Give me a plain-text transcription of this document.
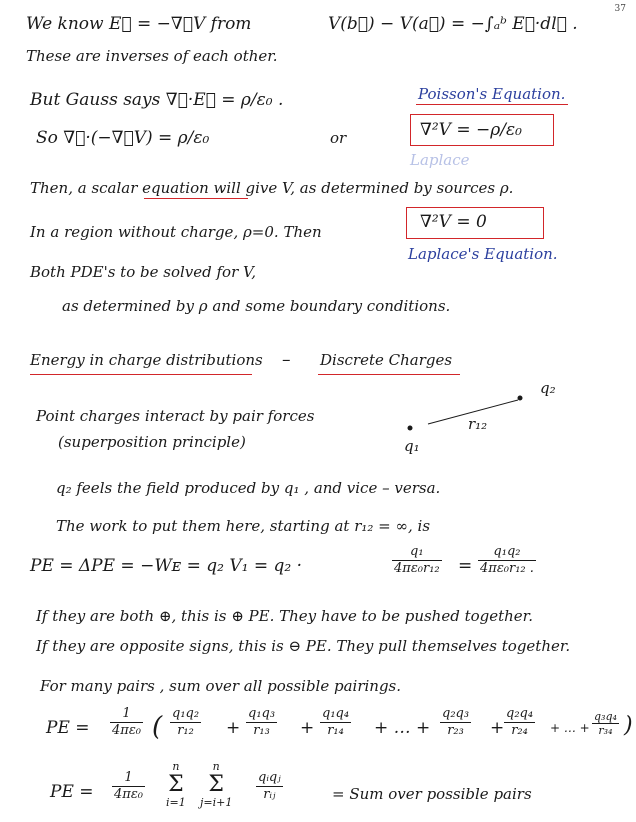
37
We know E⃗ = −∇⃗V from	V(b⃗) − V(a⃗) = −∫ₐᵇ E⃗·dl⃗ .
These are inverses of each other.
But Gauss says ∇⃗·E⃗ = ρ/ε₀ .	Poisson's Equation.
So ∇⃗·(−∇⃗V) = ρ/ε₀	or	∇²V = −ρ/ε₀
Laplace
Then, a scalar equation will give V, as determined by sources ρ.
In a region without charge, ρ=0. Then	∇²V = 0
Laplace's Equation.
Both PDE's to be solved for V,
as determined by ρ and some boundary conditions.
Energy in charge distributions – Discrete Charges
Point charges interact by pair forces
(superposition principle)	q₁
q₂
r₁₂
q₂ feels the field produced by q₁ , and vice – versa.
The work to put them here, starting at r₁₂ = ∞, is
PE = ΔPE = −Wᴇ = q₂ V₁ = q₂ ·	$\frac{\text{q₁}}{\text{4πε₀r₁₂}} = \frac{\text{q₁q₂}}{\text{4πε₀r₁₂ .}}$
If they are both ⊕, this is ⊕ PE. They have to be pushed together.
If they are opposite signs, this is ⊖ PE. They pull themselves together.
For many pairs , sum over all possible pairings.
PE = $\frac{1}{\text{4πε₀}}$ ( $\frac{\text{q₁q₂}}{\text{r₁₂}} + \frac{\text{q₁q₃}}{\text{r₁₃}} + \frac{\text{q₁q₄}}{\text{r₁₄}}$ + … + $\frac{\text{q₂q₃}}{\text{r₂₃}} + \frac{\text{q₂q₄}}{\text{r₂₄}}$ + … + $\frac{\text{q₃q₄}}{\text{r₃₄}}$ )
PE = $\frac{1}{\text{4πε₀}}$
n
Σ
i=1
n
Σ
j=i+1
qᵢqⱼ
rᵢⱼ	= Sum over possible pairs
